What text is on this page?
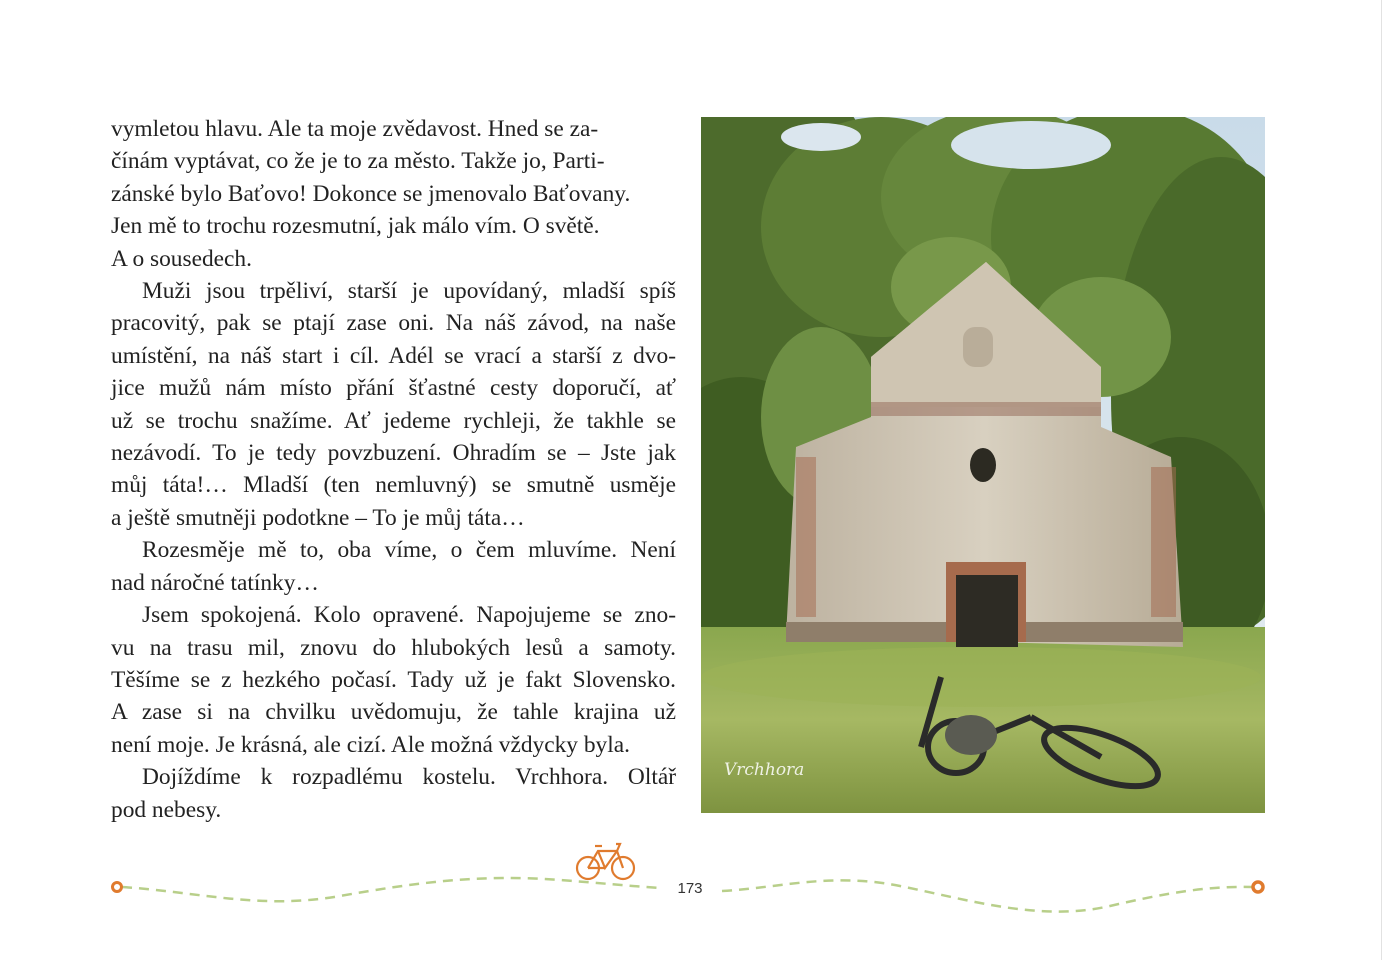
vymletou hlavu. Ale ta moje zvědavost. Hned se za-
čínám vyptávat, co že je to za město. Takže jo, Parti-
zánské bylo Baťovo! Dokonce se jmenovalo Baťovany.
Jen mě to trochu rozesmutní, jak málo vím. O světě.
A o sousedech.

Muži jsou trpěliví, starší je upovídaný, mladší spíš
pracovitý, pak se ptají zase oni. Na náš závod, na naše
umístění, na náš start i cíl. Adél se vrací a starší z dvo-
jice mužů nám místo přání šťastné cesty doporučí, ať
už se trochu snažíme. Ať jedeme rychleji, že takhle se
nezávodí. To je tedy povzbuzení. Ohradím se – Jste jak
můj táta!… Mladší (ten nemluvný) se smutně usměje
a ještě smutněji podotkne – To je můj táta…

Rozesměje mě to, oba víme, o čem mluvíme. Není
nad náročné tatínky…

Jsem spokojená. Kolo opravené. Napojujeme se zno-
vu na trasu mil, znovu do hlubokých lesů a samoty.
Těšíme se z hezkého počasí. Tady už je fakt Slovensko.
A zase si na chvilku uvědomuju, že tahle krajina už
není moje. Je krásná, ale cizí. Ale možná vždycky byla.

Dojíždíme k rozpadlému kostelu. Vrchhora. Oltář
pod nebesy.

Vrchhora
173
